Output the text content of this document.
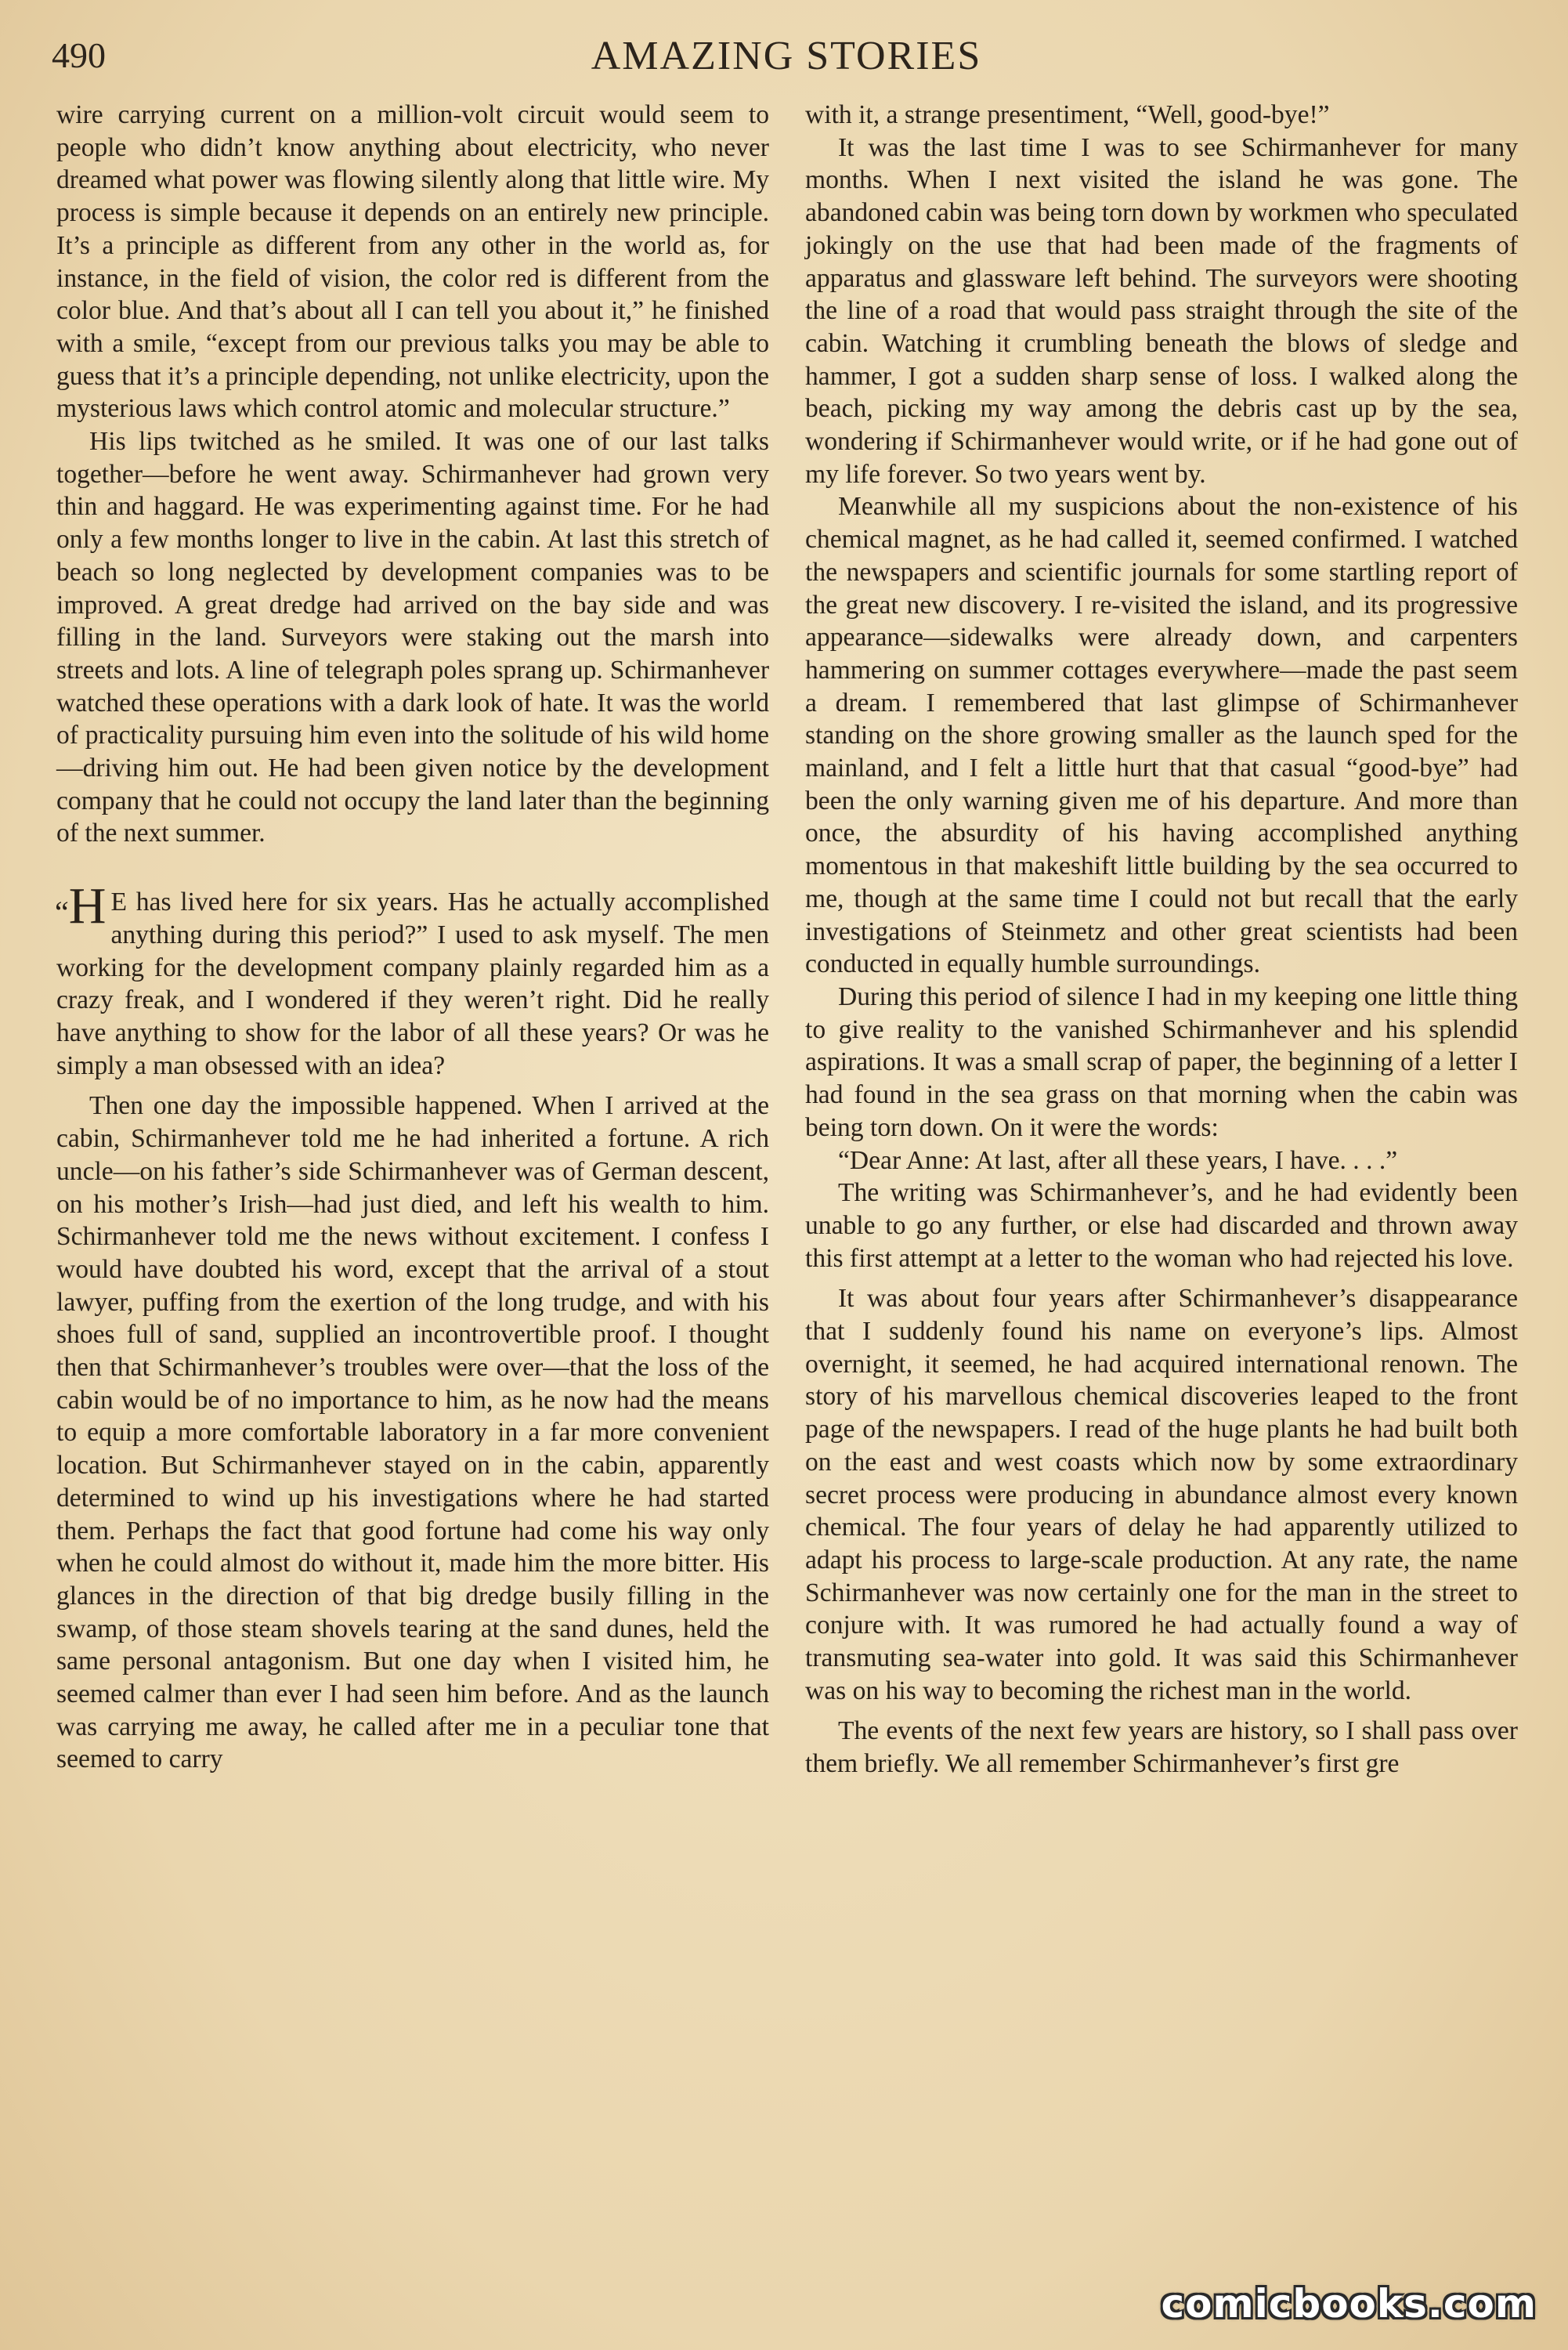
490	AMAZING STORIES

wire carrying current on a million-volt circuit would seem to people who didn’t know anything about electricity, who never dreamed what power was flowing silently along that little wire. My process is simple because it depends on an entirely new principle. It’s a principle as different from any other in the world as, for instance, in the field of vision, the color red is different from the color blue. And that’s about all I can tell you about it,” he finished with a smile, “except from our previous talks you may be able to guess that it’s a principle depending, not unlike electricity, upon the mysterious laws which control atomic and molecular structure.”

His lips twitched as he smiled. It was one of our last talks together—before he went away. Schirmanhever had grown very thin and haggard. He was experimenting against time. For he had only a few months longer to live in the cabin. At last this stretch of beach so long neglected by development companies was to be improved. A great dredge had arrived on the bay side and was filling in the land. Surveyors were staking out the marsh into streets and lots. A line of telegraph poles sprang up. Schirmanhever watched these operations with a dark look of hate. It was the world of practicality pursuing him even into the solitude of his wild home—driving him out. He had been given notice by the development company that he could not occupy the land later than the beginning of the next summer.

“H E has lived here for six years. Has he actually accomplished anything during this period?” I used to ask myself. The men working for the development company plainly regarded him as a crazy freak, and I wondered if they weren’t right. Did he really have anything to show for the labor of all these years? Or was he simply a man obsessed with an idea?

Then one day the impossible happened. When I arrived at the cabin, Schirmanhever told me he had inherited a fortune. A rich uncle—on his father’s side Schirmanhever was of German descent, on his mother’s Irish—had just died, and left his wealth to him. Schirmanhever told me the news without excitement. I confess I would have doubted his word, except that the arrival of a stout lawyer, puffing from the exertion of the long trudge, and with his shoes full of sand, supplied an incontrovertible proof. I thought then that Schirmanhever’s troubles were over—that the loss of the cabin would be of no importance to him, as he now had the means to equip a more comfortable laboratory in a far more convenient location. But Schirmanhever stayed on in the cabin, apparently determined to wind up his investigations where he had started them. Perhaps the fact that good fortune had come his way only when he could almost do without it, made him the more bitter. His glances in the direction of that big dredge busily filling in the swamp, of those steam shovels tearing at the sand dunes, held the same personal antagonism. But one day when I visited him, he seemed calmer than ever I had seen him before. And as the launch was carrying me away, he called after me in a peculiar tone that seemed to carry

with it, a strange presentiment, “Well, good-bye!”

It was the last time I was to see Schirmanhever for many months. When I next visited the island he was gone. The abandoned cabin was being torn down by workmen who speculated jokingly on the use that had been made of the fragments of apparatus and glassware left behind. The surveyors were shooting the line of a road that would pass straight through the site of the cabin. Watching it crumbling beneath the blows of sledge and hammer, I got a sudden sharp sense of loss. I walked along the beach, picking my way among the debris cast up by the sea, wondering if Schirmanhever would write, or if he had gone out of my life forever. So two years went by.

Meanwhile all my suspicions about the non-existence of his chemical magnet, as he had called it, seemed confirmed. I watched the newspapers and scientific journals for some startling report of the great new discovery. I re-visited the island, and its progressive appearance—sidewalks were already down, and carpenters hammering on summer cottages everywhere—made the past seem a dream. I remembered that last glimpse of Schirmanhever standing on the shore growing smaller as the launch sped for the mainland, and I felt a little hurt that that casual “good-bye” had been the only warning given me of his departure. And more than once, the absurdity of his having accomplished anything momentous in that makeshift little building by the sea occurred to me, though at the same time I could not but recall that the early investigations of Steinmetz and other great scientists had been conducted in equally humble surroundings.

During this period of silence I had in my keeping one little thing to give reality to the vanished Schirmanhever and his splendid aspirations. It was a small scrap of paper, the beginning of a letter I had found in the sea grass on that morning when the cabin was being torn down. On it were the words:

“Dear Anne: At last, after all these years, I have. . . .”

The writing was Schirmanhever’s, and he had evidently been unable to go any further, or else had discarded and thrown away this first attempt at a letter to the woman who had rejected his love.

It was about four years after Schirmanhever’s disappearance that I suddenly found his name on everyone’s lips. Almost overnight, it seemed, he had acquired international renown. The story of his marvellous chemical discoveries leaped to the front page of the newspapers. I read of the huge plants he had built both on the east and west coasts which now by some extraordinary secret process were producing in abundance almost every known chemical. The four years of delay he had apparently utilized to adapt his process to large-scale production. At any rate, the name Schirmanhever was now certainly one for the man in the street to conjure with. It was rumored he had actually found a way of transmuting sea-water into gold. It was said this Schirmanhever was on his way to becoming the richest man in the world.

The events of the next few years are history, so I shall pass over them briefly. We all remember Schirmanhever’s first gre

comicbooks.com
